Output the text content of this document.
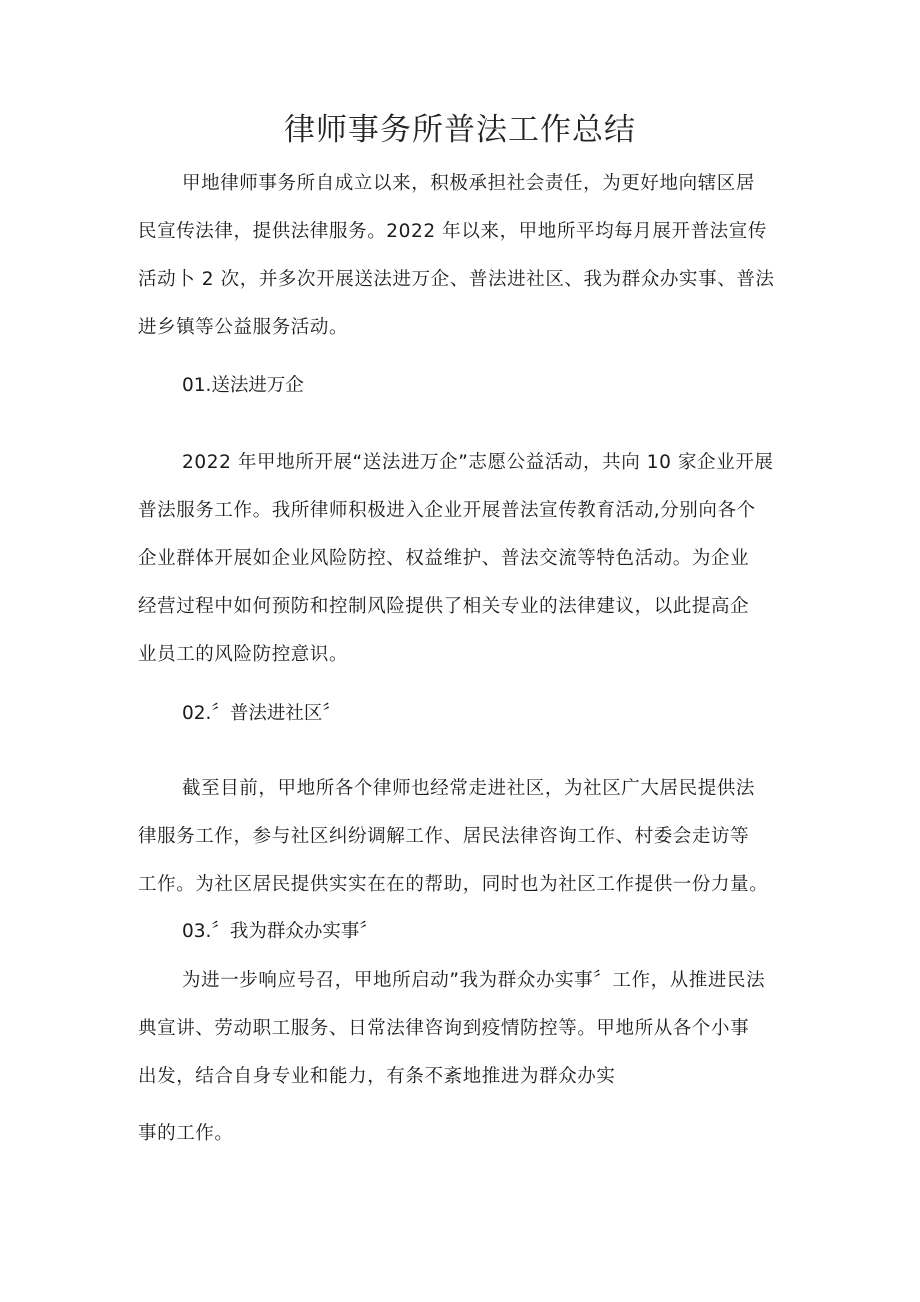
律师事务所普法工作总结
甲地律师事务所自成立以来，积极承担社会责任，为更好地向辖区居
民宣传法律，提供法律服务。2022 年以来，甲地所平均每月展开普法宣传
活动卜 2 次，并多次开展送法进万企、普法进社区、我为群众办实事、普法
进乡镇等公益服务活动。
01.送法进万企
2022 年甲地所开展“送法进万企”志愿公益活动，共向 10 家企业开展
普法服务工作。我所律师积极进入企业开展普法宣传教育活动,分别向各个
企业群体开展如企业风险防控、权益维护、普法交流等特色活动。为企业
经营过程中如何预防和控制风险提供了相关专业的法律建议，以此提高企
业员工的风险防控意识。
02.〞普法进社区〞
截至目前，甲地所各个律师也经常走进社区，为社区广大居民提供法
律服务工作，参与社区纠纷调解工作、居民法律咨询工作、村委会走访等
工作。为社区居民提供实实在在的帮助，同时也为社区工作提供一份力量。
03.〞我为群众办实事〞
为进一步响应号召，甲地所启动”我为群众办实事〞工作，从推进民法
典宣讲、劳动职工服务、日常法律咨询到疫情防控等。甲地所从各个小事
出发，结合自身专业和能力，有条不紊地推进为群众办实
事的工作。
